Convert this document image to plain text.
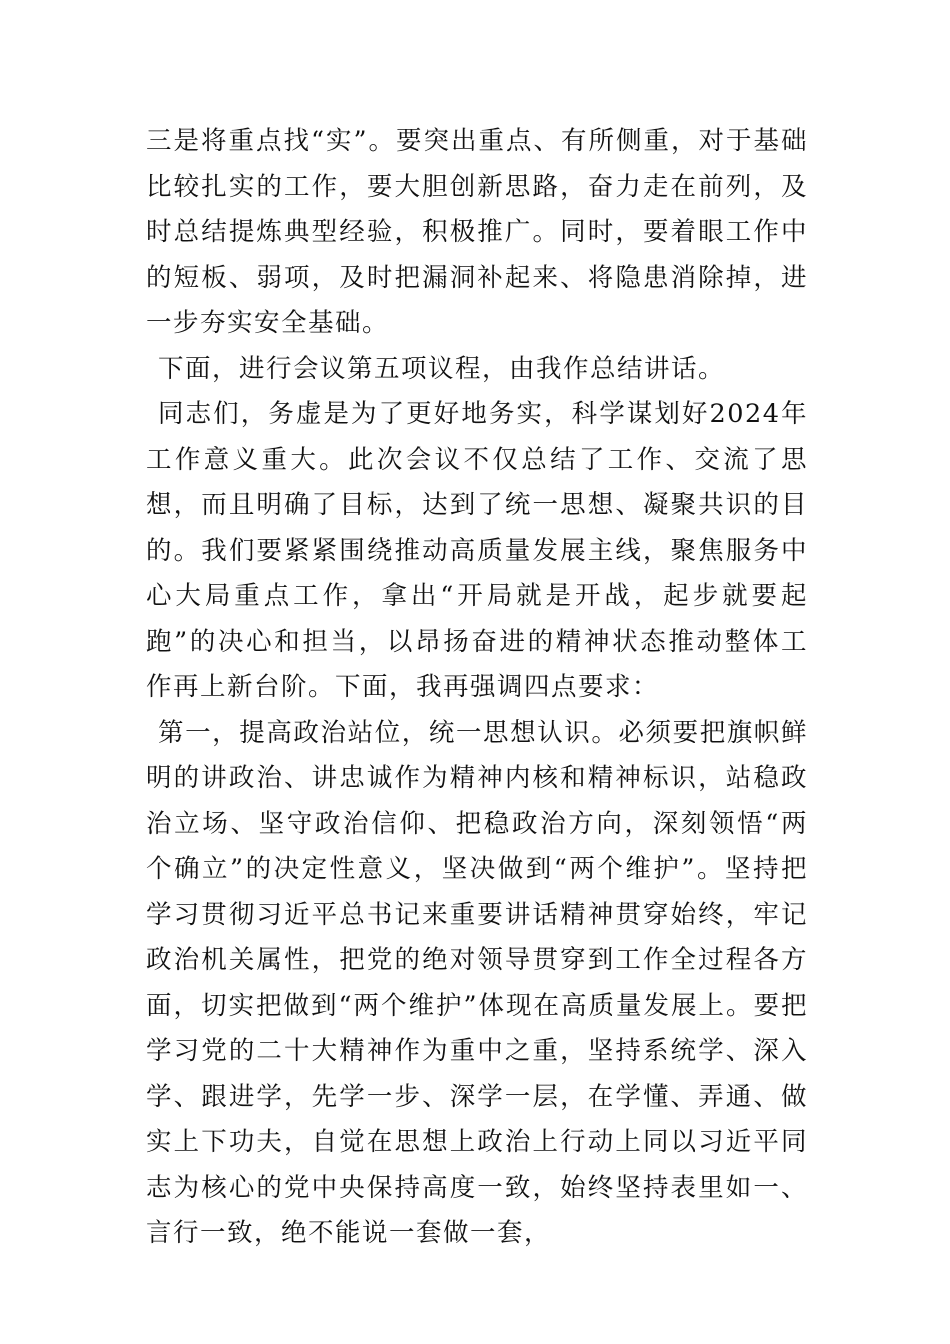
三是将重点找“实”。要突出重点、有所侧重，对于基础比较扎实的工作，要大胆创新思路，奋力走在前列，及时总结提炼典型经验，积极推广。同时，要着眼工作中的短板、弱项，及时把漏洞补起来、将隐患消除掉，进一步夯实安全基础。

下面，进行会议第五项议程，由我作总结讲话。

同志们，务虚是为了更好地务实，科学谋划好2024年工作意义重大。此次会议不仅总结了工作、交流了思想，而且明确了目标，达到了统一思想、凝聚共识的目的。我们要紧紧围绕推动高质量发展主线，聚焦服务中心大局重点工作，拿出“开局就是开战，起步就要起跑”的决心和担当，以昂扬奋进的精神状态推动整体工作再上新台阶。下面，我再强调四点要求：

第一，提高政治站位，统一思想认识。必须要把旗帜鲜明的讲政治、讲忠诚作为精神内核和精神标识，站稳政治立场、坚守政治信仰、把稳政治方向，深刻领悟“两个确立”的决定性意义，坚决做到“两个维护”。坚持把学习贯彻习近平总书记来重要讲话精神贯穿始终，牢记政治机关属性，把党的绝对领导贯穿到工作全过程各方面，切实把做到“两个维护”体现在高质量发展上。要把学习党的二十大精神作为重中之重，坚持系统学、深入学、跟进学，先学一步、深学一层，在学懂、弄通、做实上下功夫，自觉在思想上政治上行动上同以习近平同志为核心的党中央保持高度一致，始终坚持表里如一、言行一致，绝不能说一套做一套，
